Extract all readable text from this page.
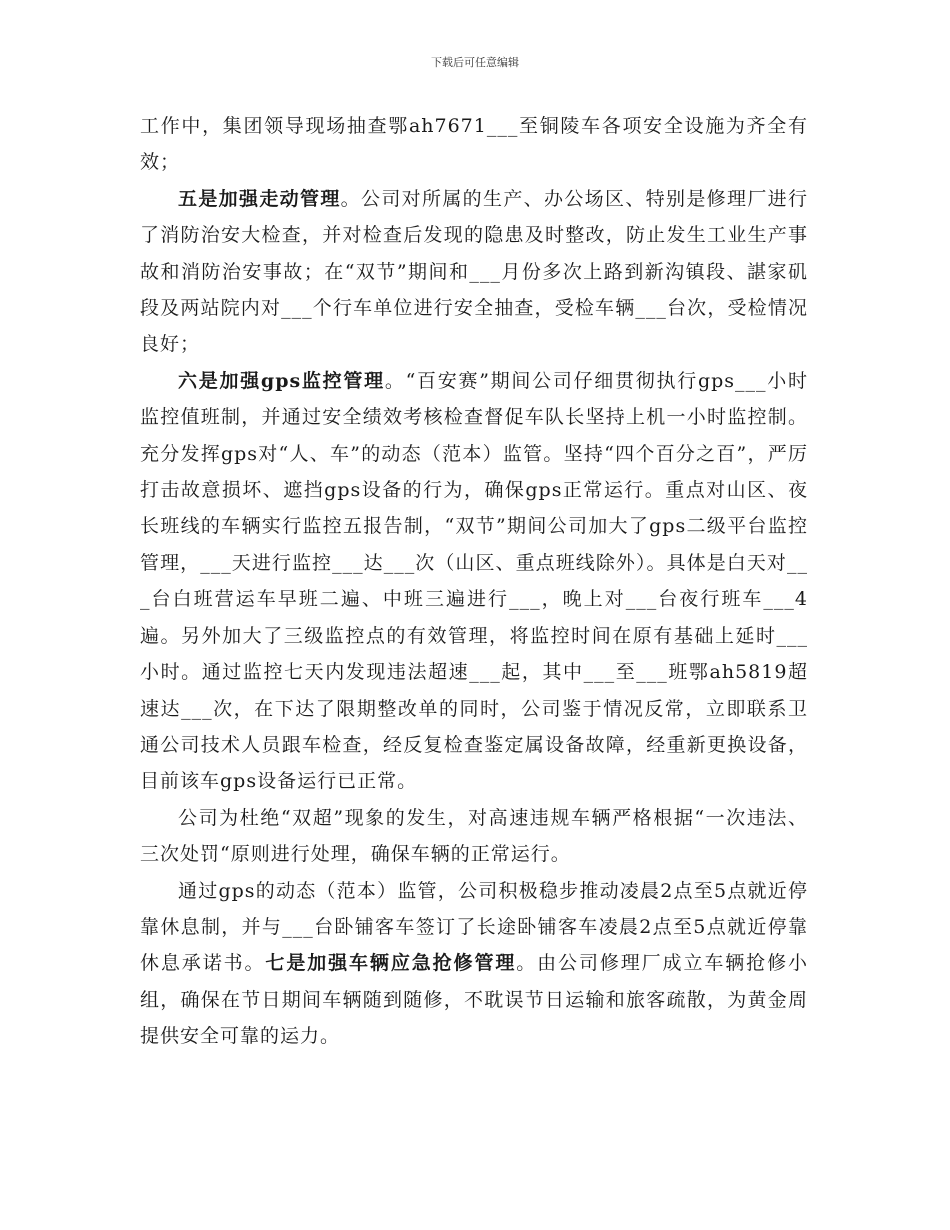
下载后可任意编辑

工作中，集团领导现场抽查鄂ah7671___至铜陵车各项安全设施为齐全有效；

五是加强走动管理。公司对所属的生产、办公场区、特别是修理厂进行了消防治安大检查，并对检查后发现的隐患及时整改，防止发生工业生产事故和消防治安事故；在“双节”期间和___月份多次上路到新沟镇段、諶家矶段及两站院内对___个行车单位进行安全抽查，受检车辆___台次，受检情况良好；

六是加强gps监控管理。“百安赛”期间公司仔细贯彻执行gps___小时监控值班制，并通过安全绩效考核检查督促车队长坚持上机一小时监控制。充分发挥gps对“人、车”的动态（范本）监管。坚持“四个百分之百”，严厉打击故意损坏、遮挡gps设备的行为，确保gps正常运行。重点对山区、夜长班线的车辆实行监控五报告制，“双节”期间公司加大了gps二级平台监控管理，___天进行监控___达___次（山区、重点班线除外）。具体是白天对___台白班营运车早班二遍、中班三遍进行___，晚上对___台夜行班车___4遍。另外加大了三级监控点的有效管理，将监控时间在原有基础上延时___小时。通过监控七天内发现违法超速___起，其中___至___班鄂ah5819超速达___次，在下达了限期整改单的同时，公司鉴于情况反常，立即联系卫通公司技术人员跟车检查，经反复检查鉴定属设备故障，经重新更换设备，目前该车gps设备运行已正常。

公司为杜绝“双超”现象的发生，对高速违规车辆严格根据“一次违法、三次处罚“原则进行处理，确保车辆的正常运行。

通过gps的动态（范本）监管，公司积极稳步推动凌晨2点至5点就近停靠休息制，并与___台卧铺客车签订了长途卧铺客车凌晨2点至5点就近停靠休息承诺书。七是加强车辆应急抢修管理。由公司修理厂成立车辆抢修小组，确保在节日期间车辆随到随修，不耽误节日运输和旅客疏散，为黄金周提供安全可靠的运力。
